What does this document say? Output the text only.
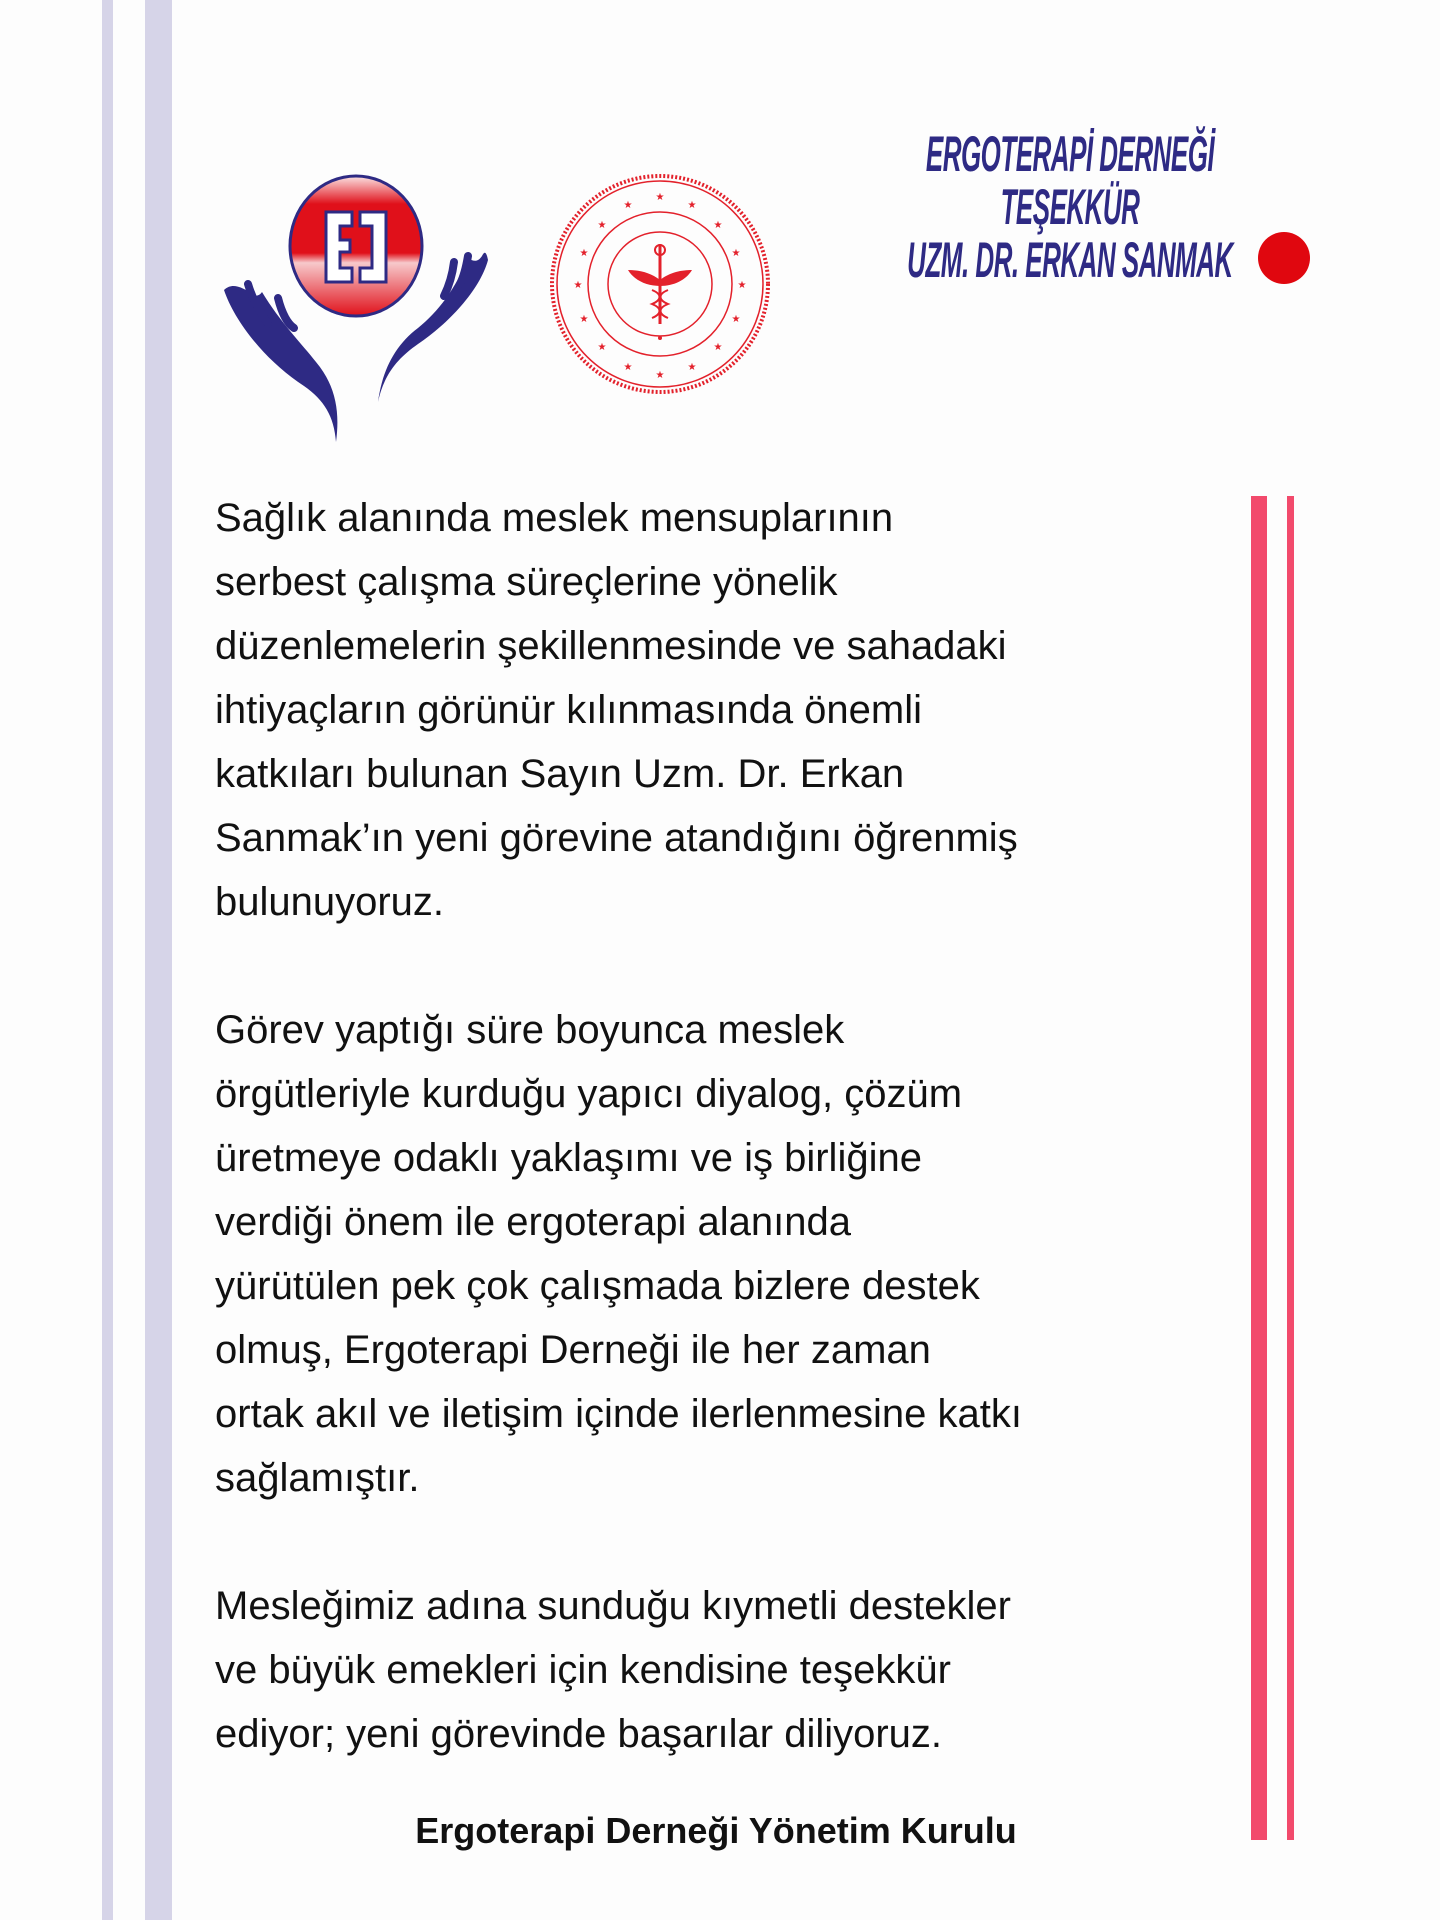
★
★
★	★
★	★
★	★
★	★
★	★
★	★
★	★
ERGOTERAPİ DERNEĞİ
TEŞEKKÜR
UZM. DR. ERKAN SANMAK
Sağlık alanında meslek mensuplarının
serbest çalışma süreçlerine yönelik
düzenlemelerin şekillenmesinde ve sahadaki
ihtiyaçların görünür kılınmasında önemli
katkıları bulunan Sayın Uzm. Dr. Erkan
Sanmak’ın yeni görevine atandığını öğrenmiş
bulunuyoruz.
Görev yaptığı süre boyunca meslek
örgütleriyle kurduğu yapıcı diyalog, çözüm
üretmeye odaklı yaklaşımı ve iş birliğine
verdiği önem ile ergoterapi alanında
yürütülen pek çok çalışmada bizlere destek
olmuş, Ergoterapi Derneği ile her zaman
ortak akıl ve iletişim içinde ilerlenmesine katkı
sağlamıştır.
Mesleğimiz adına sunduğu kıymetli destekler
ve büyük emekleri için kendisine teşekkür
ediyor; yeni görevinde başarılar diliyoruz.
Ergoterapi Derneği Yönetim Kurulu
